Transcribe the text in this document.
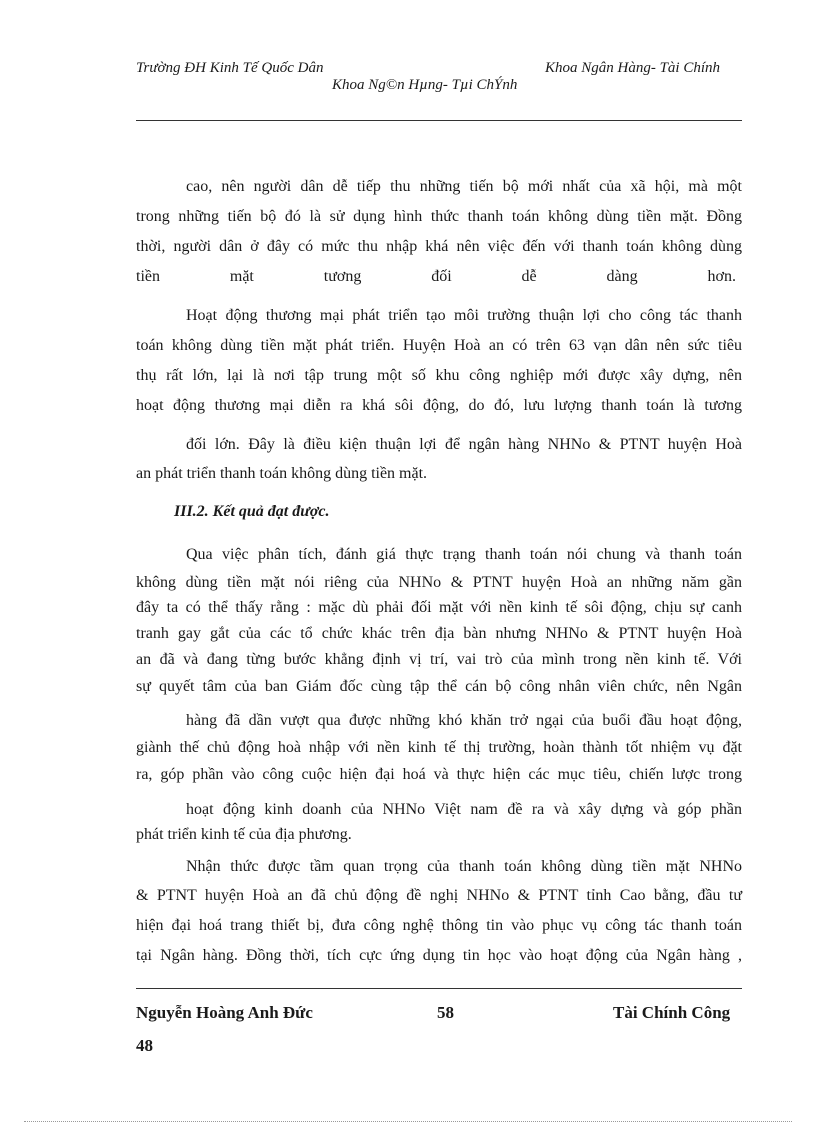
Trường ĐH Kinh Tế Quốc Dân	Khoa Ngân Hàng- Tài Chính
Khoa Ng©n Hµng- Tµi ChÝnh
cao, nên người dân dễ tiếp thu những tiến bộ mới nhất của xã hội, mà một
trong những tiến bộ đó là sử dụng hình thức thanh toán không dùng tiền mặt. Đồng
thời, người dân ở đây có mức thu nhập khá nên việc đến với thanh toán không dùng
tiền mặt tương đối dễ dàng hơn.
Hoạt động thương mại phát triển tạo môi trường thuận lợi cho công tác thanh
toán không dùng tiền mặt phát triển. Huyện Hoà an có trên 63 vạn dân nên sức tiêu
thụ rất lớn, lại là nơi tập trung một số khu công nghiệp mới được xây dựng, nên
hoạt động thương mại diễn ra khá sôi động, do đó, lưu lượng thanh toán là tương
đối lớn. Đây là điều kiện thuận lợi để ngân hàng NHNo & PTNT huyện Hoà
an phát triển thanh toán không dùng tiền mặt.
III.2. Kết quả đạt được.
Qua việc phân tích, đánh giá thực trạng thanh toán nói chung và thanh toán
không dùng tiền mặt nói riêng của NHNo & PTNT huyện Hoà an những năm gần
đây ta có thể thấy rằng : mặc dù phải đối mặt với nền kinh tế sôi động, chịu sự canh
tranh gay gắt của các tổ chức khác trên địa bàn nhưng NHNo & PTNT huyện Hoà
an đã và đang từng bước khẳng định vị trí, vai trò của mình trong nền kinh tế. Với
sự quyết tâm của ban Giám đốc cùng tập thể cán bộ công nhân viên chức, nên Ngân
hàng đã dần vượt qua được những khó khăn trở ngại của buổi đầu hoạt động,
giành thế chủ động hoà nhập với nền kinh tế thị trường, hoàn thành tốt nhiệm vụ đặt
ra, góp phần vào công cuộc hiện đại hoá và thực hiện các mục tiêu, chiến lược trong
hoạt động kinh doanh của NHNo Việt nam đề ra và xây dựng và góp phần
phát triển kinh tế của địa phương.
Nhận thức được tầm quan trọng của thanh toán không dùng tiền mặt NHNo
& PTNT huyện Hoà an đã chủ động đề nghị NHNo & PTNT tỉnh Cao bằng, đầu tư
hiện đại hoá trang thiết bị, đưa công nghệ thông tin vào phục vụ công tác thanh toán
tại Ngân hàng. Đồng thời, tích cực ứng dụng tin học vào hoạt động của Ngân hàng ,
Nguyễn Hoàng Anh Đức	58	Tài Chính Công
48
